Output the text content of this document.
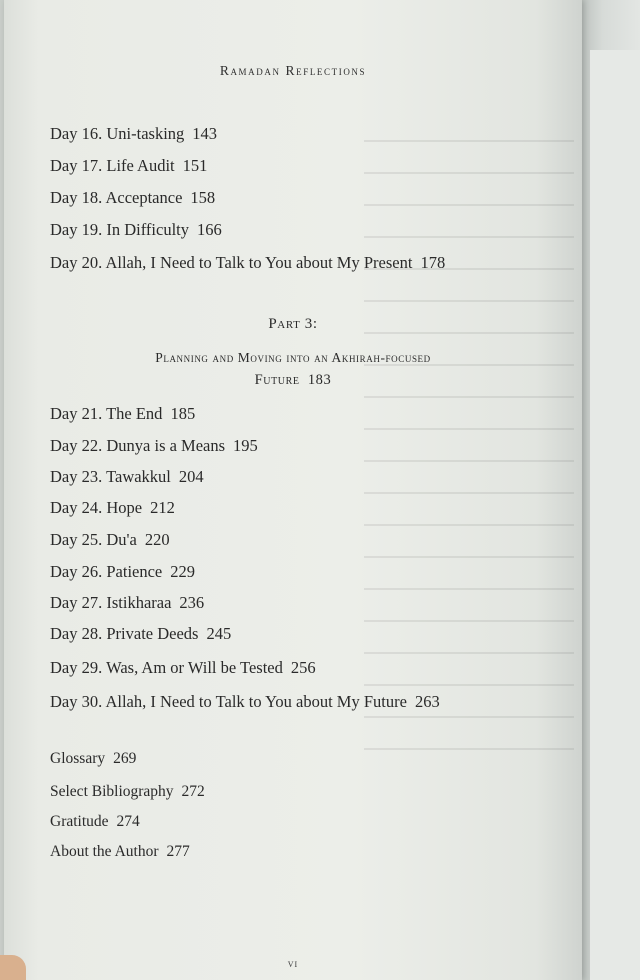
Ramadan Reflections
Day 16. Uni-tasking 143
Day 17. Life Audit 151
Day 18. Acceptance 158
Day 19. In Difficulty 166
Day 20. Allah, I Need to Talk to You about My Present 178
Part 3:
Planning and Moving into an Akhirah-focused
Future 183
Day 21. The End 185
Day 22. Dunya is a Means 195
Day 23. Tawakkul 204
Day 24. Hope 212
Day 25. Du'a 220
Day 26. Patience 229
Day 27. Istikharaa 236
Day 28. Private Deeds 245
Day 29. Was, Am or Will be Tested 256
Day 30. Allah, I Need to Talk to You about My Future 263
Glossary 269
Select Bibliography 272
Gratitude 274
About the Author 277
vi
